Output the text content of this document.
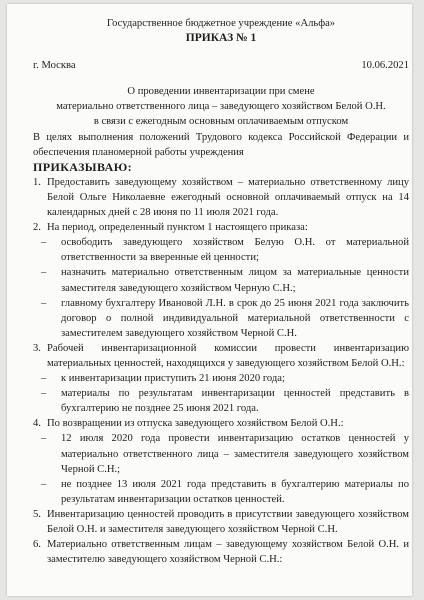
Государственное бюджетное учреждение «Альфа»

ПРИКАЗ № 1

г. Москва	10.06.2021

О проведении инвентаризации при смене

материально ответственного лица – заведующего хозяйством Белой О.Н.

в связи с ежегодным основным оплачиваемым отпуском

В целях выполнения положений Трудового кодекса Российской Федерации и обеспечения планомерной работы учреждения

ПРИКАЗЫВАЮ:

1. Предоставить заведующему хозяйством – материально ответственному лицу Белой Ольге Николаевне ежегодный основной оплачиваемый отпуск на 14 календарных дней с 28 июня по 11 июля 2021 года.
2. На период, определенный пунктом 1 настоящего приказа:
–	освободить заведующего хозяйством Белую О.Н. от материальной ответственности за вверенные ей ценности;
–	назначить материально ответственным лицом за материальные ценности заместителя заведующего хозяйством Черную С.Н.;
–	главному бухгалтеру Ивановой Л.Н. в срок до 25 июня 2021 года заключить договор о полной индивидуальной материальной ответственности с заместителем заведующего хозяйством Черной С.Н.
3. Рабочей инвентаризационной комиссии провести инвентаризацию материальных ценностей, находящихся у заведующего хозяйством Белой О.Н.:
–	к инвентаризации приступить 21 июня 2020 года;
–	материалы по результатам инвентаризации ценностей представить в бухгалтерию не позднее 25 июня 2021 года.
4. По возвращении из отпуска заведующего хозяйством Белой О.Н.:
–	12 июля 2020 года провести инвентаризацию остатков ценностей у материально ответственного лица – заместителя заведующего хозяйством Черной С.Н.;
–	не позднее 13 июля 2021 года представить в бухгалтерию материалы по результатам инвентаризации остатков ценностей.
5. Инвентаризацию ценностей проводить в присутствии заведующего хозяйством Белой О.Н. и заместителя заведующего хозяйством Черной С.Н.
6. Материально ответственным лицам – заведующему хозяйством Белой О.Н. и заместителю заведующего хозяйством Черной С.Н.:
